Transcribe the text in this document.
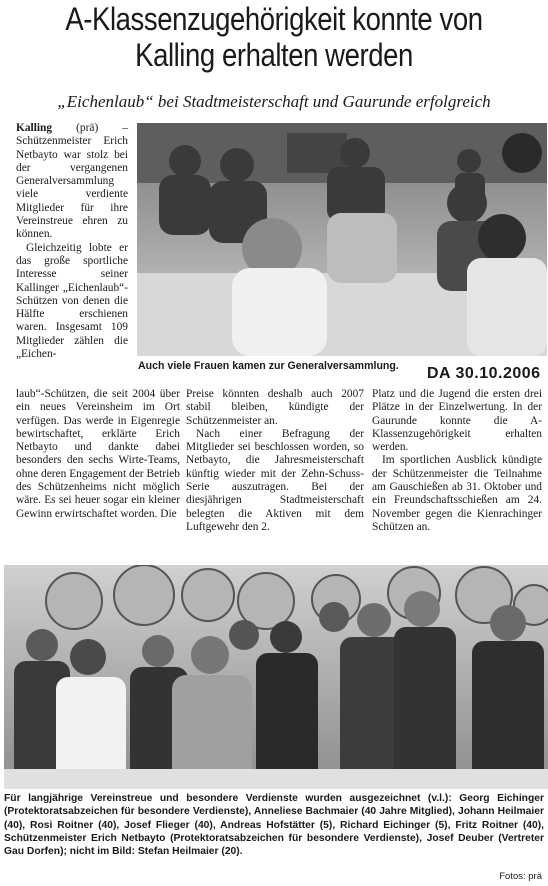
A-Klassenzugehörigkeit konnte von
Kalling erhalten werden
„Eichenlaub“ bei Stadtmeisterschaft und Gaurunde erfolgreich

Kalling (prä) – Schützenmeister Erich Netbayto war stolz bei der vergangenen Generalversammlung viele verdiente Mitglieder für ihre Vereinstreue ehren zu können.

Gleichzeitig lobte er das große sportliche Interesse seiner Kallinger „Eichenlaub“-Schützen von denen die Hälfte erschienen waren. Insgesamt 109 Mitglieder zählen die „Eichen-

Auch viele Frauen kamen zur Generalversammlung.	DA 30.10.2006

laub“-Schützen, die seit 2004 über ein neues Vereinsheim im Ort verfügen. Das werde in Eigenregie bewirtschaftet, erklärte Erich Netbayto und dankte dabei besonders den sechs Wirte-Teams, ohne deren Engagement der Betrieb des Schützenheims nicht möglich wäre. Es sei heuer sogar ein kleiner Gewinn erwirtschaftet worden. Die

Preise könnten deshalb auch 2007 stabil bleiben, kündigte der Schützenmeister an.

Nach einer Befragung der Mitglieder sei beschlossen worden, so Netbayto, die Jahresmeisterschaft künftig wieder mit der Zehn-Schuss-Serie auszutragen. Bei der diesjährigen Stadtmeisterschaft belegten die Aktiven mit dem Luftgewehr den 2.

Platz und die Jugend die ersten drei Plätze in der Einzelwertung. In der Gaurunde konnte die A-Klassenzugehörigkeit erhalten werden.

Im sportlichen Ausblick kündigte der Schützenmeister die Teilnahme am Gauschießen ab 31. Oktober und ein Freundschaftsschießen am 24. November gegen die Kienrachinger Schützen an.

Für langjährige Vereinstreue und besondere Verdienste wurden ausgezeichnet (v.l.): Georg Eichinger (Protektoratsabzeichen für besondere Verdienste), Anneliese Bachmaier (40 Jahre Mitglied), Johann Heilmaier (40), Rosi Roitner (40), Josef Flieger (40), Andreas Hofstätter (5), Richard Eichinger (5), Fritz Roitner (40), Schützenmeister Erich Netbayto (Protektoratsabzeichen für besondere Verdienste), Josef Deuber (Vertreter Gau Dorfen); nicht im Bild: Stefan Heilmaier (20).
Fotos: prä
